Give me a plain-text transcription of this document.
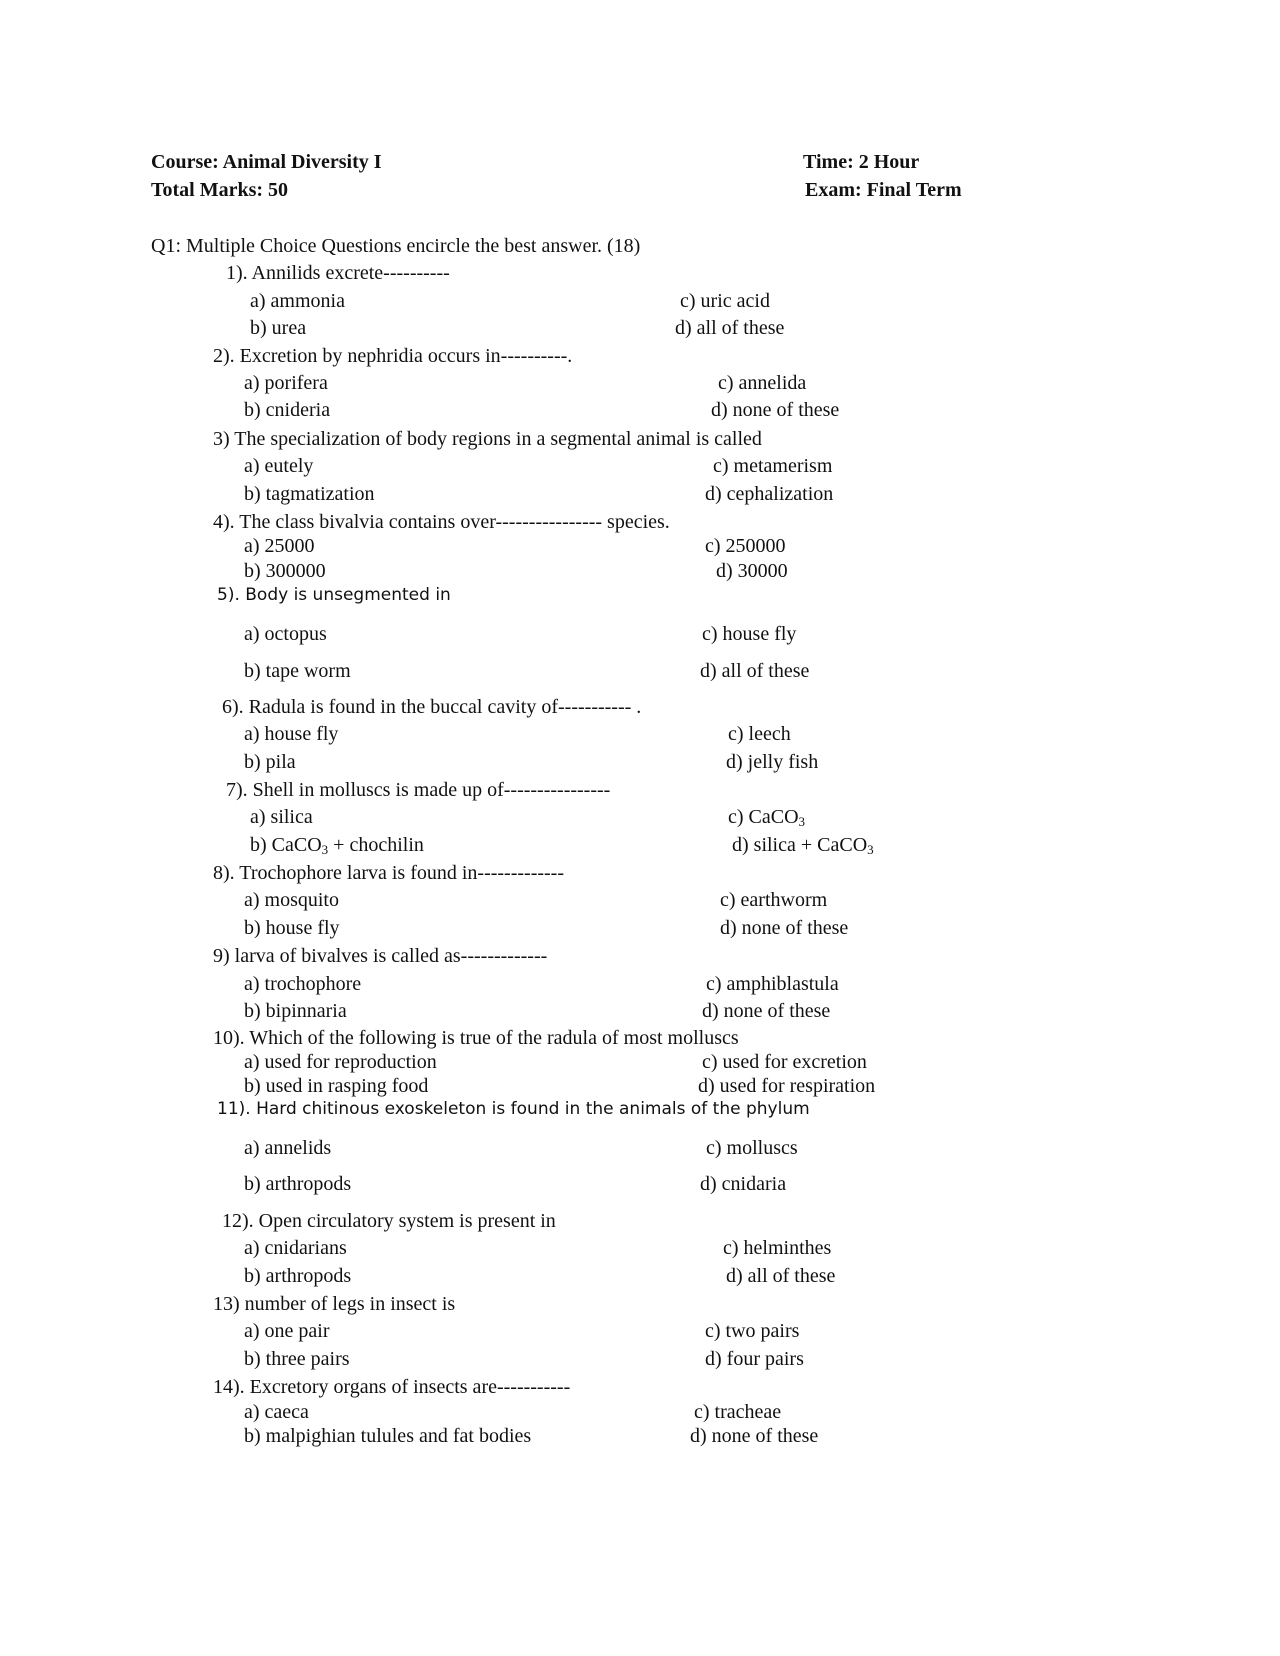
Course: Animal Diversity I	Time: 2 Hour
Total Marks: 50	Exam: Final Term
Q1: Multiple Choice Questions encircle the best answer. (18)
1). Annilids excrete----------
a) ammonia	c) uric acid
b) urea	d) all of these
2). Excretion by nephridia occurs in----------.
a) porifera	c) annelida
b) cnideria	d) none of these
3) The specialization of body regions in a segmental animal is called
a) eutely	c) metamerism
b) tagmatization	d) cephalization
4). The class bivalvia contains over---------------- species.
a) 25000	c) 250000
b) 300000	d) 30000
5). Body is unsegmented in
a) octopus	c) house fly
b) tape worm	d) all of these
6). Radula is found in the buccal cavity of----------- .
a) house fly	c) leech
b) pila	d) jelly fish
7). Shell in molluscs is made up of----------------
a) silica	c) CaCO$_3$
b) CaCO$_3$ + chochilin	d) silica + CaCO$_3$
8). Trochophore larva is found in-------------
a) mosquito	c) earthworm
b) house fly	d) none of these
9) larva of bivalves is called as-------------
a) trochophore	c) amphiblastula
b) bipinnaria	d) none of these
10). Which of the following is true of the radula of most molluscs
a) used for reproduction	c) used for excretion
b) used in rasping food	d) used for respiration
11). Hard chitinous exoskeleton is found in the animals of the phylum
a) annelids	c) molluscs
b) arthropods	d) cnidaria
12). Open circulatory system is present in
a) cnidarians	c) helminthes
b) arthropods	d) all of these
13) number of legs in insect is
a) one pair	c) two pairs
b) three pairs	d) four pairs
14). Excretory organs of insects are-----------
a) caeca	c) tracheae
b) malpighian tulules and fat bodies	d) none of these
